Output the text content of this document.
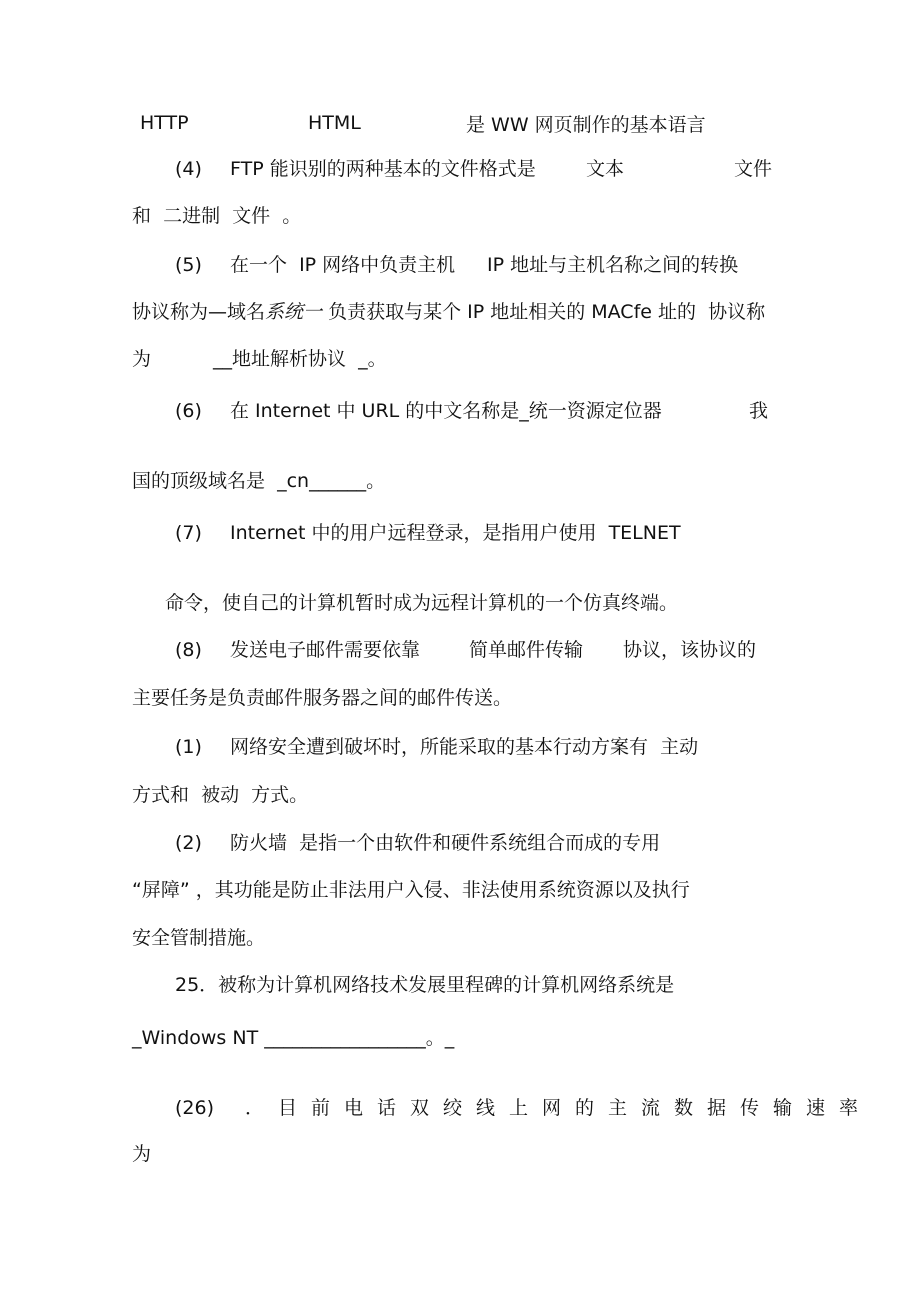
HTTP	HTML	是 WW 网页制作的基本语言
(4) FTP 能识别的两种基本的文件格式是	文本	文件
和  二进制  文件  。
(5) 在一个  IP 网络中负责主机 IP 地址与主机名称之间的转换
协议称为—域名系统一 负责获取与某个 IP 地址相关的 MACfe 址的  协议称
为	__地址解析协议  _。
(6) 在 Internet 中 URL 的中文名称是_统一资源定位器	我
国的顶级域名是  _cn______。
(7) Internet 中的用户远程登录，是指用户使用  TELNET
命令，使自己的计算机暂时成为远程计算机的一个仿真终端。
(8) 发送电子邮件需要依靠	简单邮件传输 协议，该协议的
主要任务是负责邮件服务器之间的邮件传送。
(1) 网络安全遭到破坏时，所能采取的基本行动方案有  主动
方式和  被动  方式。
(2) 防火墙  是指一个由软件和硬件系统组合而成的专用
“屏障” ，其功能是防止非法用户入侵、非法使用系统资源以及执行
安全管制措施。
25．被称为计算机网络技术发展里程碑的计算机网络系统是
_Windows NT _________________。_
(26) ．目前电话双绞线上网的主流数据传输速率
为
